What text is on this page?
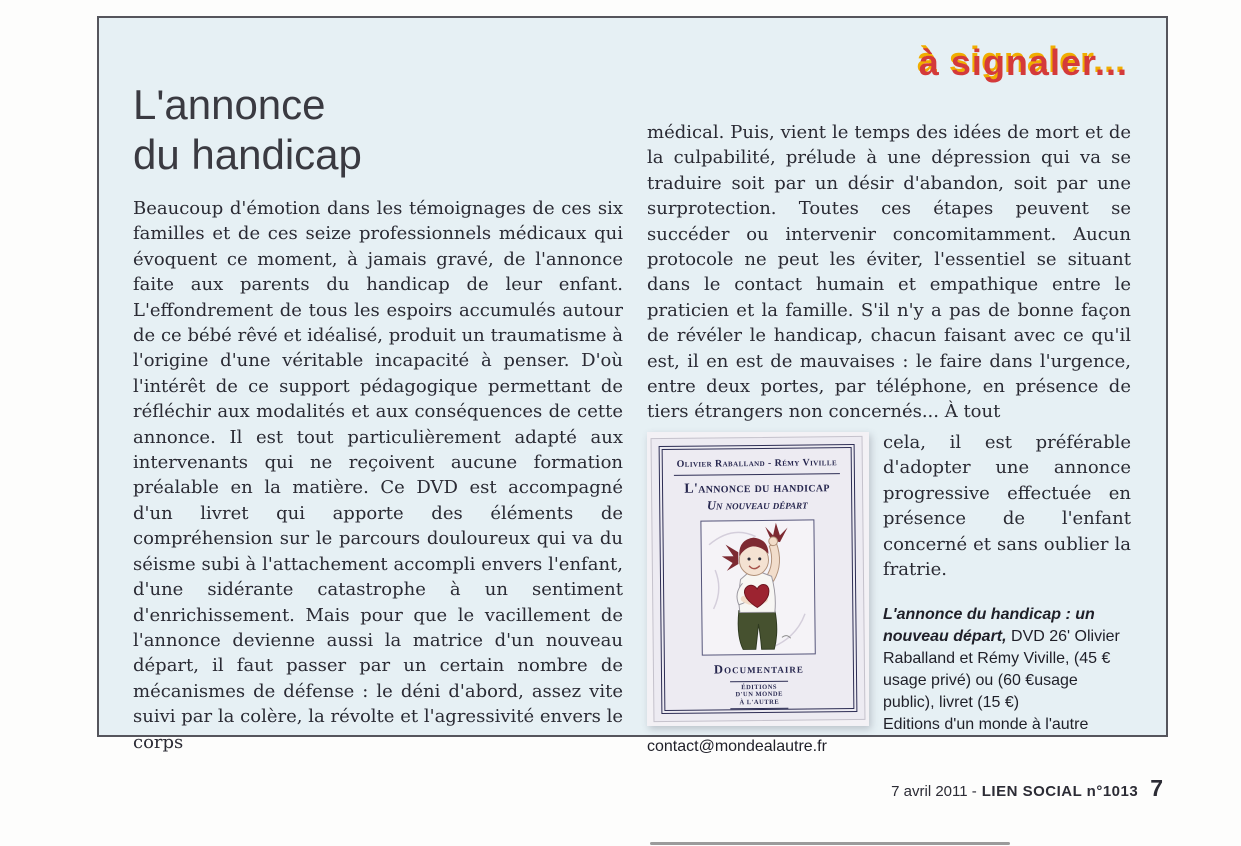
à signaler...
L'annonce
du handicap
Beaucoup d'émotion dans les témoignages de ces six familles et de ces seize professionnels médicaux qui évoquent ce moment, à jamais gravé, de l'annonce faite aux parents du handicap de leur enfant. L'effondrement de tous les espoirs accumulés autour de ce bébé rêvé et idéalisé, produit un traumatisme à l'origine d'une véritable incapacité à penser. D'où l'intérêt de ce support pédagogique permettant de réfléchir aux modalités et aux conséquences de cette annonce. Il est tout particulièrement adapté aux intervenants qui ne reçoivent aucune formation préalable en la matière. Ce DVD est accompagné d'un livret qui apporte des éléments de compréhension sur le parcours douloureux qui va du séisme subi à l'attachement accompli envers l'enfant, d'une sidérante catastrophe à un sentiment d'enrichissement. Mais pour que le vacillement de l'annonce devienne aussi la matrice d'un nouveau départ, il faut passer par un certain nombre de mécanismes de défense : le déni d'abord, assez vite suivi par la colère, la révolte et l'agressivité envers le corps

médical. Puis, vient le temps des idées de mort et de la culpabilité, prélude à une dépression qui va se traduire soit par un désir d'abandon, soit par une surprotection. Toutes ces étapes peuvent se succéder ou intervenir concomitamment. Aucun protocole ne peut les éviter, l'essentiel se situant dans le contact humain et empathique entre le praticien et la famille. S'il n'y a pas de bonne façon de révéler le handicap, chacun faisant avec ce qu'il est, il en est de mauvaises : le faire dans l'urgence, entre deux portes, par téléphone, en présence de tiers étrangers non concernés... À tout

Olivier Raballand - Rémy Viville
L'annonce du handicap
Un nouveau départ
Documentaire
ÉDITIONS
D'UN MONDE
À L'AUTRE

cela, il est préférable d'adopter une annonce progressive effectuée en présence de l'enfant concerné et sans oublier la fratrie.

L'annonce du handicap : un nouveau départ, DVD 26' Olivier Raballand et Rémy Viville, (45 € usage privé) ou (60 €usage public), livret (15 €)

Editions d'un monde à l'autre

contact@mondealautre.fr

7 avril 2011 - LIEN SOCIAL n°1013 7
